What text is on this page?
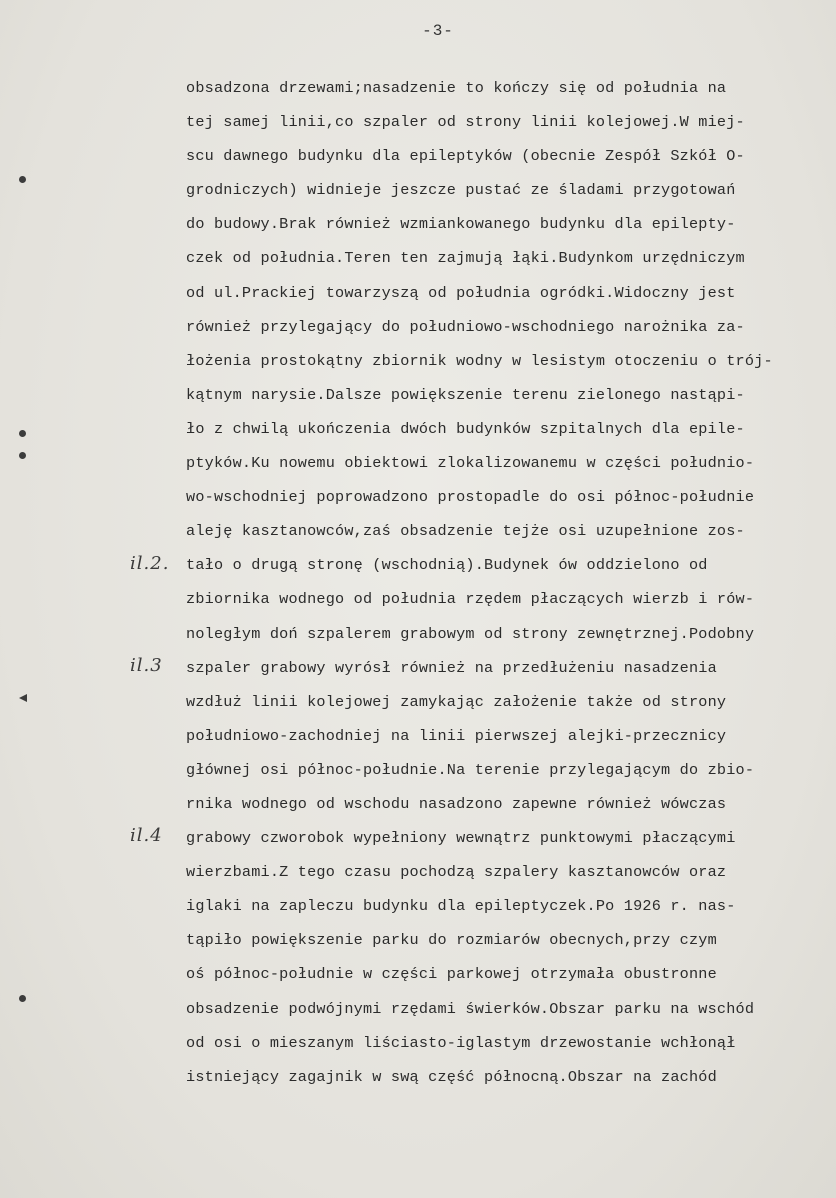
-3-
il.2.
il.3
il.4
obsadzona drzewami;nasadzenie to kończy się od południa na
tej samej linii,co szpaler od strony linii kolejowej.W miej-
scu dawnego budynku dla epileptyków (obecnie Zespół Szkół O-
grodniczych) widnieje jeszcze pustać ze śladami przygotowań
do budowy.Brak również wzmiankowanego budynku dla epilepty-
czek od południa.Teren ten zajmują łąki.Budynkom urzędniczym
od ul.Prackiej towarzyszą od południa ogródki.Widoczny jest
również przylegający do południowo-wschodniego narożnika za-
łożenia prostokątny zbiornik wodny w lesistym otoczeniu o trój-
kątnym narysie.Dalsze powiększenie terenu zielonego nastąpi-
ło z chwilą ukończenia dwóch budynków szpitalnych dla epile-
ptyków.Ku nowemu obiektowi zlokalizowanemu w części południo-
wo-wschodniej poprowadzono prostopadle do osi północ-południe
aleję kasztanowców,zaś obsadzenie tejże osi uzupełnione zos-
tało o drugą stronę (wschodnią).Budynek ów oddzielono od
zbiornika wodnego od południa rzędem płaczących wierzb i rów-
noległym doń szpalerem grabowym od strony zewnętrznej.Podobny
szpaler grabowy wyrósł również na przedłużeniu nasadzenia
wzdłuż linii kolejowej zamykając założenie także od strony
południowo-zachodniej na linii pierwszej alejki-przecznicy
głównej osi północ-południe.Na terenie przylegającym do zbio-
rnika wodnego od wschodu nasadzono zapewne również wówczas
grabowy czworobok wypełniony wewnątrz punktowymi płaczącymi
wierzbami.Z tego czasu pochodzą szpalery kasztanowców oraz
iglaki na zapleczu budynku dla epileptyczek.Po 1926 r. nas-
tąpiło powiększenie parku do rozmiarów obecnych,przy czym
oś północ-południe w części parkowej otrzymała obustronne
obsadzenie podwójnymi rzędami świerków.Obszar parku na wschód
od osi o mieszanym liściasto-iglastym drzewostanie wchłonął
istniejący zagajnik w swą część północną.Obszar na zachód
